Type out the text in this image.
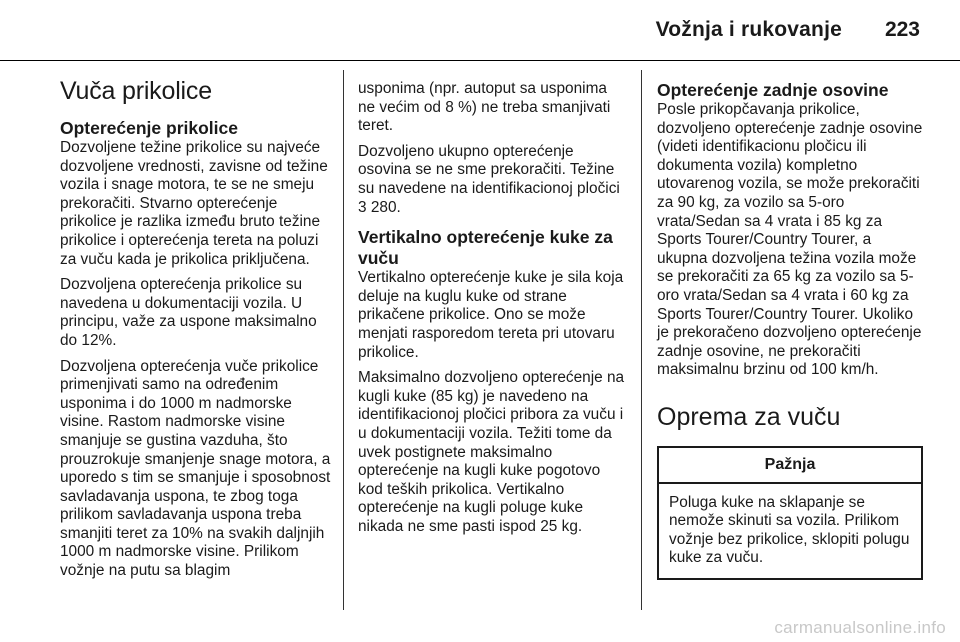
Vožnja i rukovanje 223
Vuča prikolice
Opterećenje prikolice

Dozvoljene težine prikolice su najveće dozvoljene vrednosti, zavisne od težine vozila i snage motora, te se ne smeju prekoračiti. Stvarno opterećenje prikolice je razlika između bruto težine prikolice i opterećenja tereta na poluzi za vuču kada je prikolica priključena.

Dozvoljena opterećenja prikolice su navedena u dokumentaciji vozila. U principu, važe za uspone maksimalno do 12%.

Dozvoljena opterećenja vuče prikolice primenjivati samo na određenim usponima i do 1000 m nadmorske visine. Rastom nadmorske visine smanjuje se gustina vazduha, što prouzrokuje smanjenje snage motora, a uporedo s tim se smanjuje i sposobnost savladavanja uspona, te zbog toga prilikom savladavanja uspona treba smanjiti teret za 10% na svakih daljnjih 1000 m nadmorske visine. Prilikom vožnje na putu sa blagim

usponima (npr. autoput sa usponima ne većim od 8 %) ne treba smanjivati teret.

Dozvoljeno ukupno opterećenje osovina se ne sme prekoračiti. Težine su navedene na identifikacionoj pločici 3 280.

Vertikalno opterećenje kuke za vuču

Vertikalno opterećenje kuke je sila koja deluje na kuglu kuke od strane prikačene prikolice. Ono se može menjati rasporedom tereta pri utovaru prikolice.

Maksimalno dozvoljeno opterećenje na kugli kuke (85 kg) je navedeno na identifikacionoj pločici pribora za vuču i u dokumentaciji vozila. Težiti tome da uvek postignete maksimalno opterećenje na kugli kuke pogotovo kod teških prikolica. Vertikalno opterećenje na kugli poluge kuke nikada ne sme pasti ispod 25 kg.

Opterećenje zadnje osovine

Posle prikopčavanja prikolice, dozvoljeno opterećenje zadnje osovine (videti identifikacionu pločicu ili dokumenta vozila) kompletno utovarenog vozila, se može prekoračiti za 90 kg, za vozilo sa 5-oro vrata/Sedan sa 4 vrata i 85 kg za Sports Tourer/Country Tourer, a ukupna dozvoljena težina vozila može se prekoračiti za 65 kg za vozilo sa 5-oro vrata/Sedan sa 4 vrata i 60 kg za Sports Tourer/Country Tourer. Ukoliko je prekoračeno dozvoljeno opterećenje zadnje osovine, ne prekoračiti maksimalnu brzinu od 100 km/h.

Oprema za vuču
Pažnja
Poluga kuke na sklapanje se nemože skinuti sa vozila. Prilikom vožnje bez prikolice, sklopiti polugu kuke za vuču.
carmanualsonline.info
